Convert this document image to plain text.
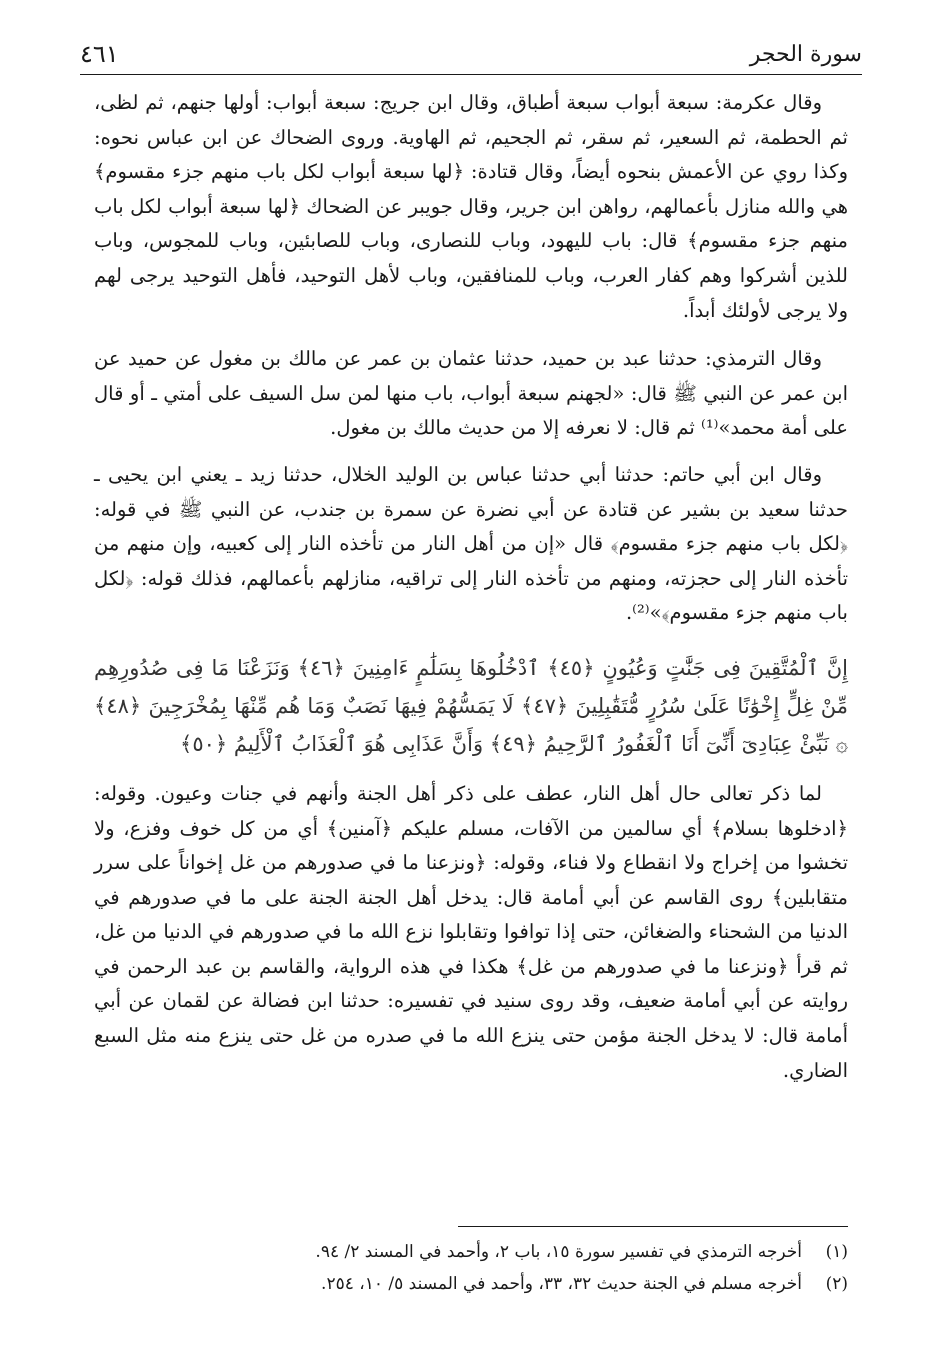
سورة الحجر
٤٦١

وقال عكرمة: سبعة أبواب سبعة أطباق، وقال ابن جريج: سبعة أبواب: أولها جنهم، ثم لظى، ثم الحطمة، ثم السعير، ثم سقر، ثم الجحيم، ثم الهاوية. وروى الضحاك عن ابن عباس نحوه: وكذا روي عن الأعمش بنحوه أيضاً، وقال قتادة: ﴿لها سبعة أبواب لكل باب منهم جزء مقسوم﴾ هي والله منازل بأعمالهم، رواهن ابن جرير، وقال جويبر عن الضحاك ﴿لها سبعة أبواب لكل باب منهم جزء مقسوم﴾ قال: باب لليهود، وباب للنصارى، وباب للصابئين، وباب للمجوس، وباب للذين أشركوا وهم كفار العرب، وباب للمنافقين، وباب لأهل التوحيد، فأهل التوحيد يرجى لهم ولا يرجى لأولئك أبداً.

وقال الترمذي: حدثنا عبد بن حميد، حدثنا عثمان بن عمر عن مالك بن مغول عن حميد عن ابن عمر عن النبي ﷺ قال: «لجهنم سبعة أبواب، باب منها لمن سل السيف على أمتي ـ أو قال على أمة محمد»⁽¹⁾ ثم قال: لا نعرفه إلا من حديث مالك بن مغول.

وقال ابن أبي حاتم: حدثنا أبي حدثنا عباس بن الوليد الخلال، حدثنا زيد ـ يعني ابن يحيى ـ حدثنا سعيد بن بشير عن قتادة عن أبي نضرة عن سمرة بن جندب، عن النبي ﷺ في قوله: ﴿لكل باب منهم جزء مقسوم﴾ قال «إن من أهل النار من تأخذه النار إلى كعبيه، وإن منهم من تأخذه النار إلى حجزته، ومنهم من تأخذه النار إلى تراقيه، منازلهم بأعمالهم، فذلك قوله: ﴿لكل باب منهم جزء مقسوم﴾»⁽²⁾.

إِنَّ ٱلْمُتَّقِينَ فِى جَنَّٰتٍ وَعُيُونٍ ﴿٤٥﴾ ٱدْخُلُوهَا بِسَلَٰمٍ ءَامِنِينَ ﴿٤٦﴾ وَنَزَعْنَا مَا فِى صُدُورِهِم مِّنْ غِلٍّ إِخْوَٰنًا عَلَىٰ سُرُرٍ مُّتَقَٰبِلِينَ ﴿٤٧﴾ لَا يَمَسُّهُمْ فِيهَا نَصَبٌ وَمَا هُم مِّنْهَا بِمُخْرَجِينَ ﴿٤٨﴾ ۞ نَبِّئْ عِبَادِىٓ أَنِّىٓ أَنَا ٱلْغَفُورُ ٱلرَّحِيمُ ﴿٤٩﴾ وَأَنَّ عَذَابِى هُوَ ٱلْعَذَابُ ٱلْأَلِيمُ ﴿٥٠﴾

لما ذكر تعالى حال أهل النار، عطف على ذكر أهل الجنة وأنهم في جنات وعيون. وقوله: ﴿ادخلوها بسلام﴾ أي سالمين من الآفات، مسلم عليكم ﴿آمنين﴾ أي من كل خوف وفزع، ولا تخشوا من إخراج ولا انقطاع ولا فناء، وقوله: ﴿ونزعنا ما في صدورهم من غل إخواناً على سرر متقابلين﴾ روى القاسم عن أبي أمامة قال: يدخل أهل الجنة الجنة على ما في صدورهم في الدنيا من الشحناء والضغائن، حتى إذا توافوا وتقابلوا نزع الله ما في صدورهم في الدنيا من غل، ثم قرأ ﴿ونزعنا ما في صدورهم من غل﴾ هكذا في هذه الرواية، والقاسم بن عبد الرحمن في روايته عن أبي أمامة ضعيف، وقد روى سنيد في تفسيره: حدثنا ابن فضالة عن لقمان عن أبي أمامة قال: لا يدخل الجنة مؤمن حتى ينزع الله ما في صدره من غل حتى ينزع منه مثل السبع الضاري.

(١)
أخرجه الترمذي في تفسير سورة ١٥، باب ٢، وأحمد في المسند ٢/ ٩٤.
(٢)
أخرجه مسلم في الجنة حديث ٣٢، ٣٣، وأحمد في المسند ٥/ ١٠، ٢٥٤.
